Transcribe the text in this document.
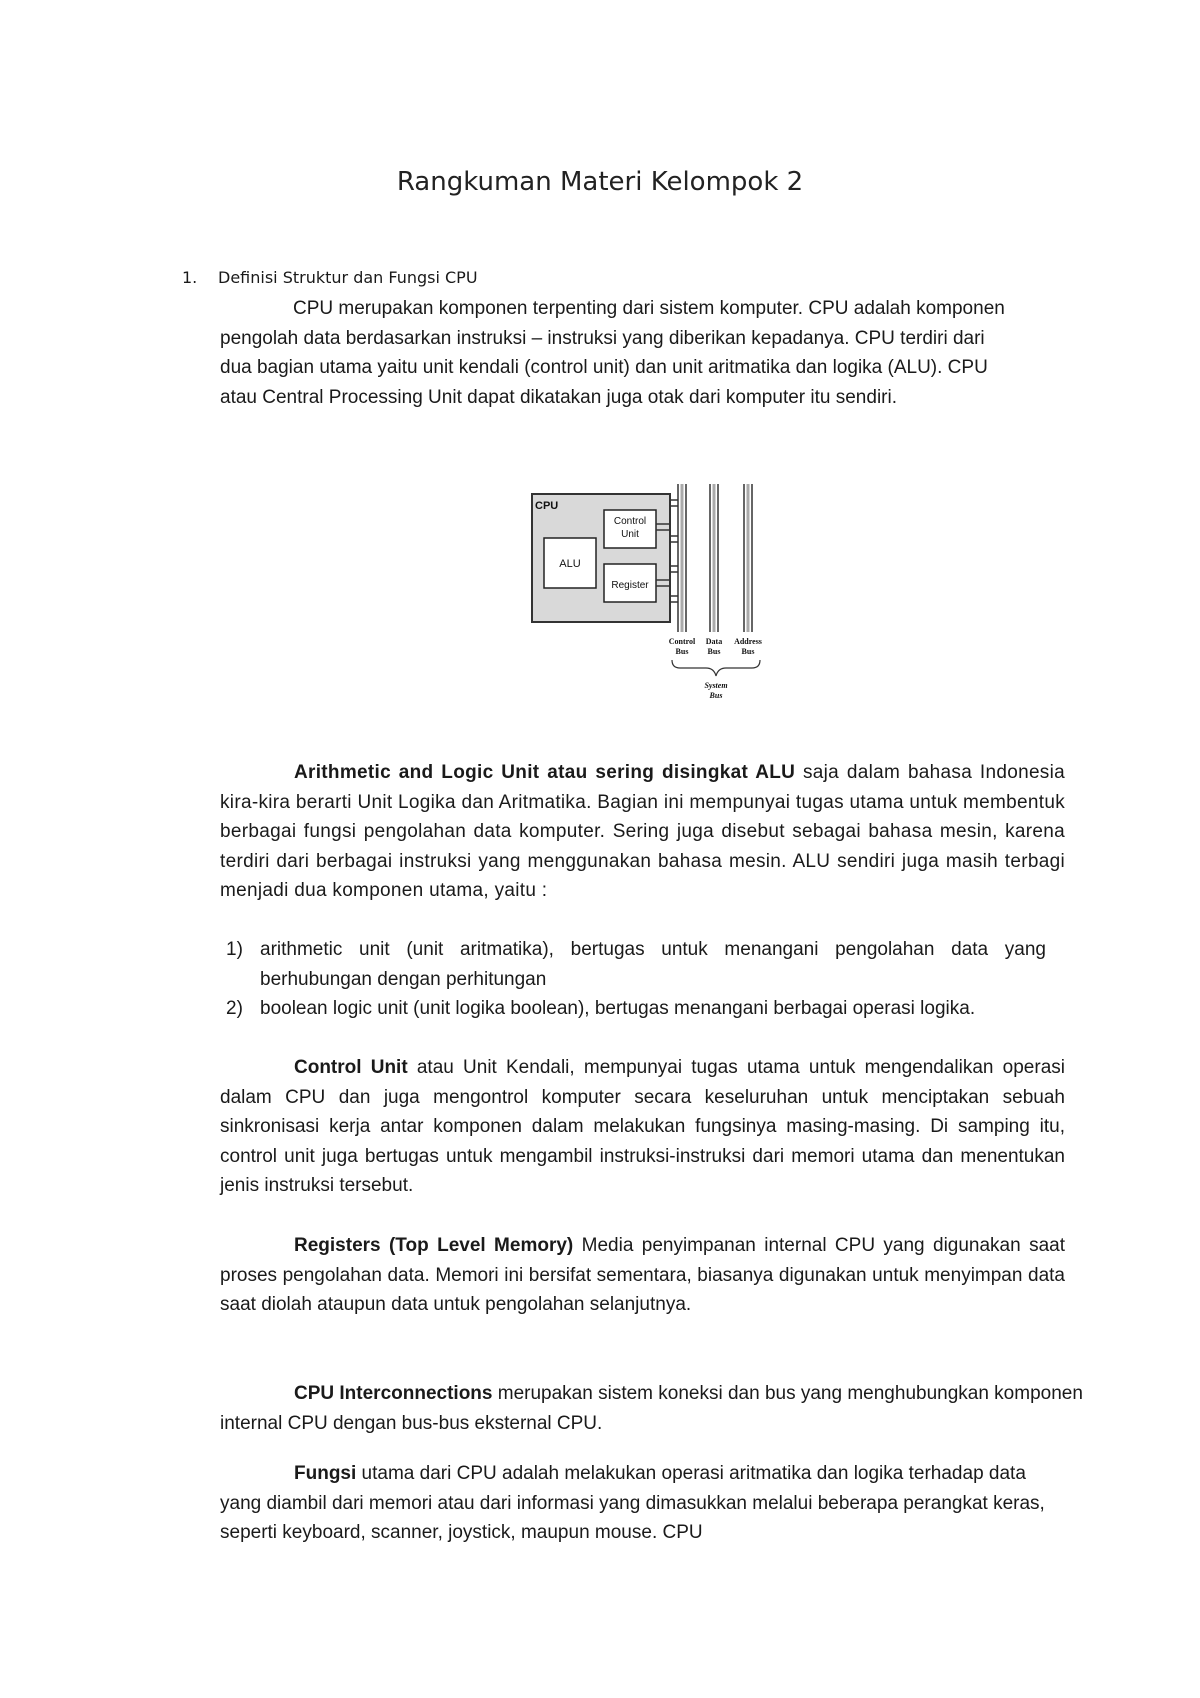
Rangkuman Materi Kelompok 2
1. Definisi Struktur dan Fungsi CPU

CPU merupakan komponen terpenting dari sistem komputer. CPU adalah komponen pengolah data berdasarkan instruksi – instruksi yang diberikan kepadanya. CPU terdiri dari dua bagian utama yaitu unit kendali (control unit) dan unit aritmatika dan logika (ALU). CPU atau Central Processing Unit dapat dikatakan juga otak dari komputer itu sendiri.

CPU
ALU
Control
Unit
Register
Control
Bus
Data
Bus
Address
Bus
System
Bus

Arithmetic and Logic Unit atau sering disingkat ALU saja dalam bahasa Indonesia kira-kira berarti Unit Logika dan Aritmatika. Bagian ini mempunyai tugas utama untuk membentuk berbagai fungsi pengolahan data komputer. Sering juga disebut sebagai bahasa mesin, karena terdiri dari berbagai instruksi yang menggunakan bahasa mesin. ALU sendiri juga masih terbagi menjadi dua komponen utama, yaitu :

1) arithmetic unit (unit aritmatika), bertugas untuk menangani pengolahan data yang berhubungan dengan perhitungan
2) boolean logic unit (unit logika boolean), bertugas menangani berbagai operasi logika.

Control Unit atau Unit Kendali, mempunyai tugas utama untuk mengendalikan operasi dalam CPU dan juga mengontrol komputer secara keseluruhan untuk menciptakan sebuah sinkronisasi kerja antar komponen dalam melakukan fungsinya masing-masing. Di samping itu, control unit juga bertugas untuk mengambil instruksi-instruksi dari memori utama dan menentukan jenis instruksi tersebut.

Registers (Top Level Memory) Media penyimpanan internal CPU yang digunakan saat proses pengolahan data. Memori ini bersifat sementara, biasanya digunakan untuk menyimpan data saat diolah ataupun data untuk pengolahan selanjutnya.

CPU Interconnections merupakan sistem koneksi dan bus yang menghubungkan komponen internal CPU dengan bus-bus eksternal CPU.

Fungsi utama dari CPU adalah melakukan operasi aritmatika dan logika terhadap data yang diambil dari memori atau dari informasi yang dimasukkan melalui beberapa perangkat keras, seperti keyboard, scanner, joystick, maupun mouse. CPU
